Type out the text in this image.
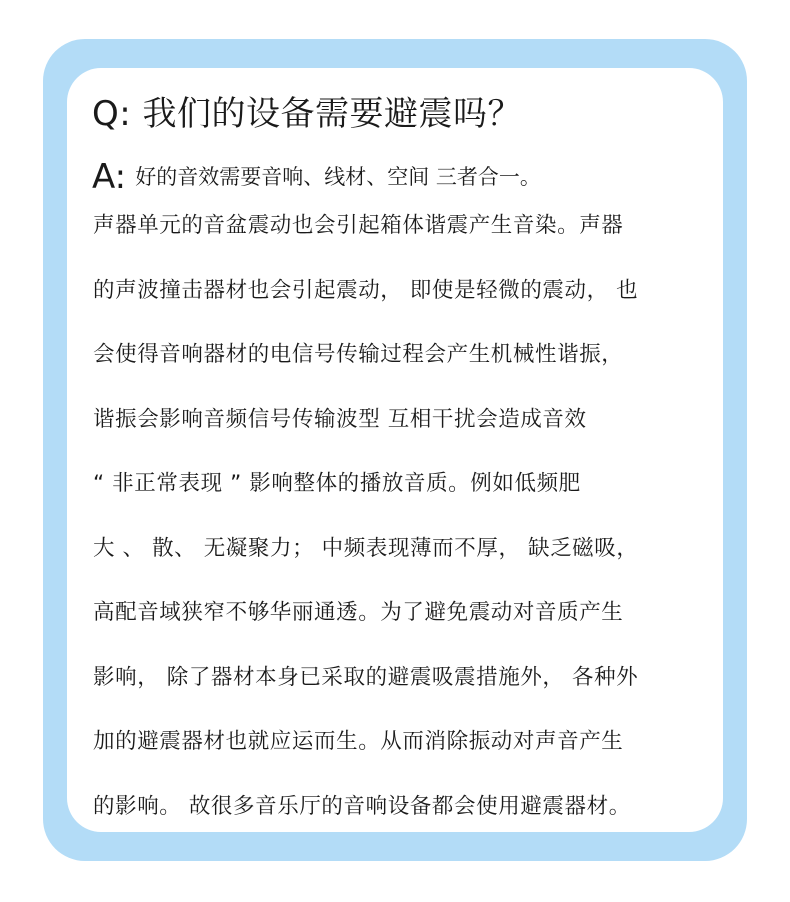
Q: 我们的设备需要避震吗？
A: 好的音效需要音响、线材、空间 三者合一。
声器单元的音盆震动也会引起箱体谐震产生音染。声器
的声波撞击器材也会引起震动， 即使是轻微的震动， 也
会使得音响器材的电信号传输过程会产生机械性谐振，
谐振会影响音频信号传输波型 互相干扰会造成音效
“ 非正常表现 ” 影响整体的播放音质。例如低频肥
大 、 散、 无凝聚力； 中频表现薄而不厚， 缺乏磁吸，
高配音域狭窄不够华丽通透。为了避免震动对音质产生
影响， 除了器材本身已采取的避震吸震措施外， 各种外
加的避震器材也就应运而生。从而消除振动对声音产生
的影响。 故很多音乐厅的音响设备都会使用避震器材。
